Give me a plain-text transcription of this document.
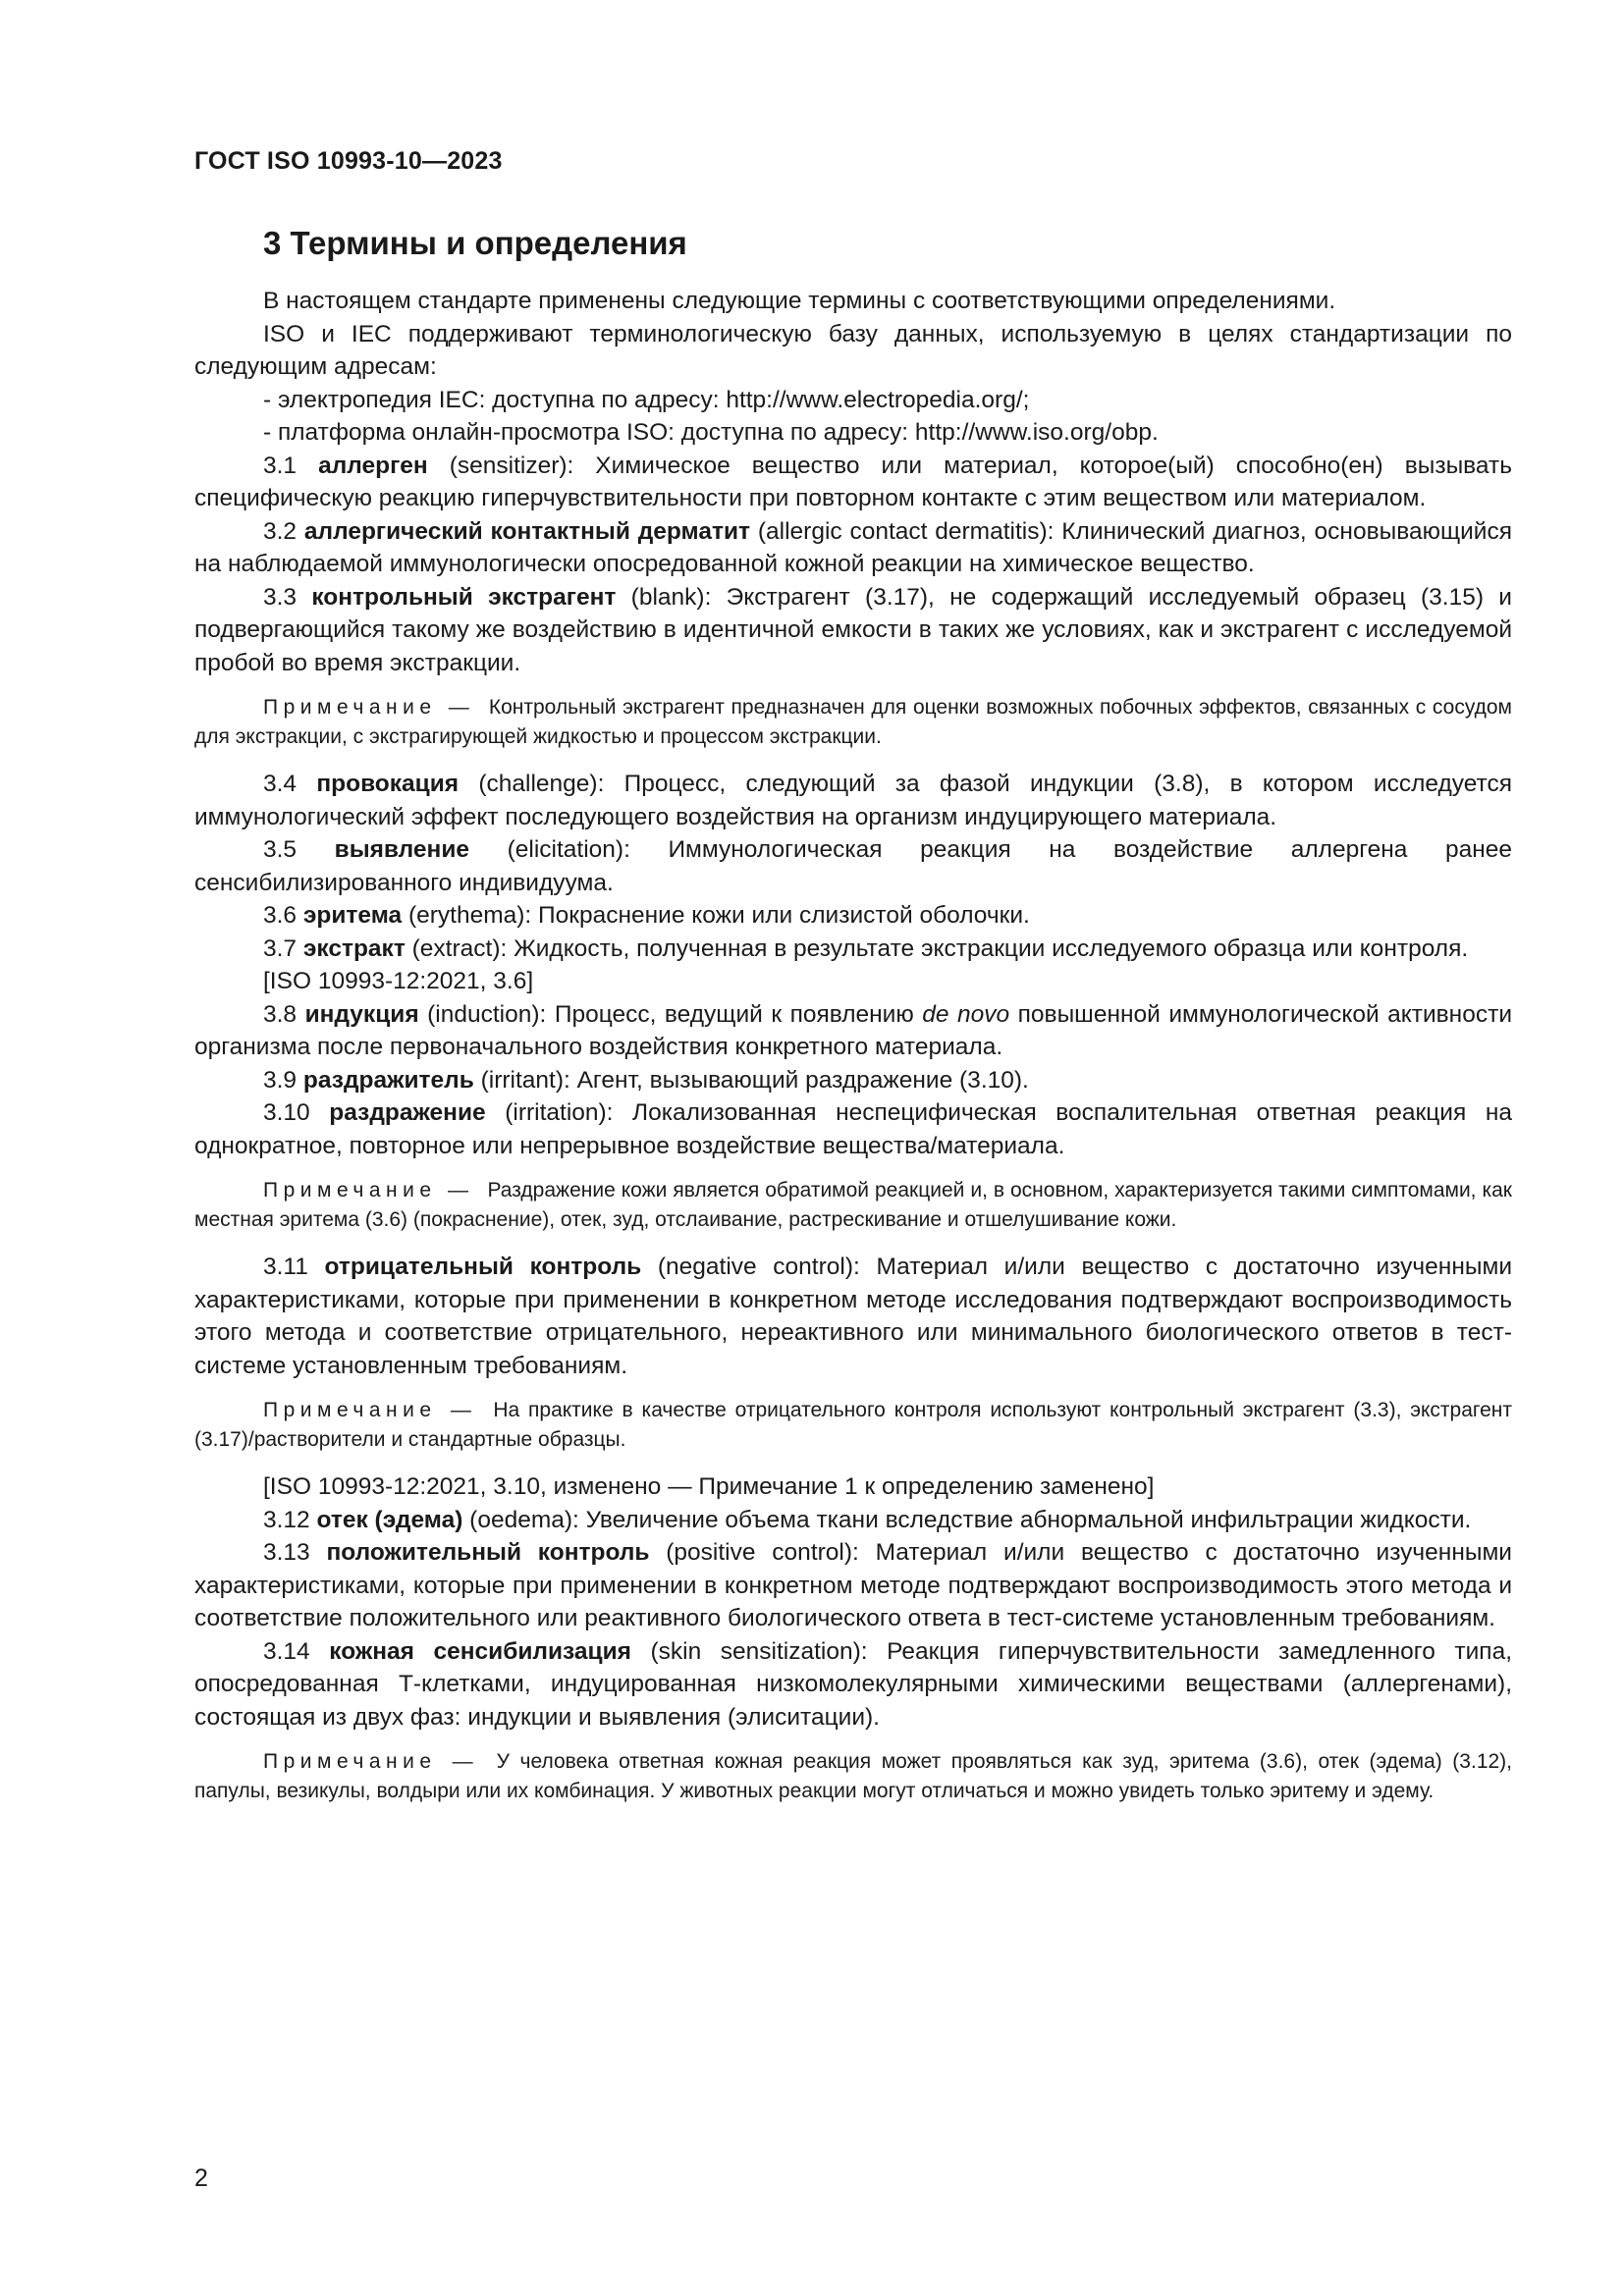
ГОСТ ISO 10993-10—2023
3 Термины и определения

В настоящем стандарте применены следующие термины с соответствующими определениями.

ISO и IEC поддерживают терминологическую базу данных, используемую в целях стандартизации по следующим адресам:

- электропедия IEC: доступна по адресу: http://www.electropedia.org/;

- платформа онлайн-просмотра ISO: доступна по адресу: http://www.iso.org/obp.

3.1 аллерген (sensitizer): Химическое вещество или материал, которое(ый) способно(ен) вызывать специфическую реакцию гиперчувствительности при повторном контакте с этим веществом или материалом.

3.2 аллергический контактный дерматит (allergic contact dermatitis): Клинический диагноз, основывающийся на наблюдаемой иммунологически опосредованной кожной реакции на химическое вещество.

3.3 контрольный экстрагент (blank): Экстрагент (3.17), не содержащий исследуемый образец (3.15) и подвергающийся такому же воздействию в идентичной емкости в таких же условиях, как и экстрагент с исследуемой пробой во время экстракции.

Примечание — Контрольный экстрагент предназначен для оценки возможных побочных эффектов, связанных с сосудом для экстракции, с экстрагирующей жидкостью и процессом экстракции.

3.4 провокация (challenge): Процесс, следующий за фазой индукции (3.8), в котором исследуется иммунологический эффект последующего воздействия на организм индуцирующего материала.

3.5 выявление (elicitation): Иммунологическая реакция на воздействие аллергена ранее сенсибилизированного индивидуума.

3.6 эритема (erythema): Покраснение кожи или слизистой оболочки.

3.7 экстракт (extract): Жидкость, полученная в результате экстракции исследуемого образца или контроля.

[ISO 10993-12:2021, 3.6]

3.8 индукция (induction): Процесс, ведущий к появлению de novo повышенной иммунологической активности организма после первоначального воздействия конкретного материала.

3.9 раздражитель (irritant): Агент, вызывающий раздражение (3.10).

3.10 раздражение (irritation): Локализованная неспецифическая воспалительная ответная реакция на однократное, повторное или непрерывное воздействие вещества/материала.

Примечание — Раздражение кожи является обратимой реакцией и, в основном, характеризуется такими симптомами, как местная эритема (3.6) (покраснение), отек, зуд, отслаивание, растрескивание и отшелушивание кожи.

3.11 отрицательный контроль (negative control): Материал и/или вещество с достаточно изученными характеристиками, которые при применении в конкретном методе исследования подтверждают воспроизводимость этого метода и соответствие отрицательного, нереактивного или минимального биологического ответов в тест-системе установленным требованиям.

Примечание — На практике в качестве отрицательного контроля используют контрольный экстрагент (3.3), экстрагент (3.17)/растворители и стандартные образцы.

[ISO 10993-12:2021, 3.10, изменено — Примечание 1 к определению заменено]

3.12 отек (эдема) (oedema): Увеличение объема ткани вследствие абнормальной инфильтрации жидкости.

3.13 положительный контроль (positive control): Материал и/или вещество с достаточно изученными характеристиками, которые при применении в конкретном методе подтверждают воспроизводимость этого метода и соответствие положительного или реактивного биологического ответа в тест-системе установленным требованиям.

3.14 кожная сенсибилизация (skin sensitization): Реакция гиперчувствительности замедленного типа, опосредованная Т-клетками, индуцированная низкомолекулярными химическими веществами (аллергенами), состоящая из двух фаз: индукции и выявления (элиситации).

Примечание — У человека ответная кожная реакция может проявляться как зуд, эритема (3.6), отек (эдема) (3.12), папулы, везикулы, волдыри или их комбинация. У животных реакции могут отличаться и можно увидеть только эритему и эдему.

2
